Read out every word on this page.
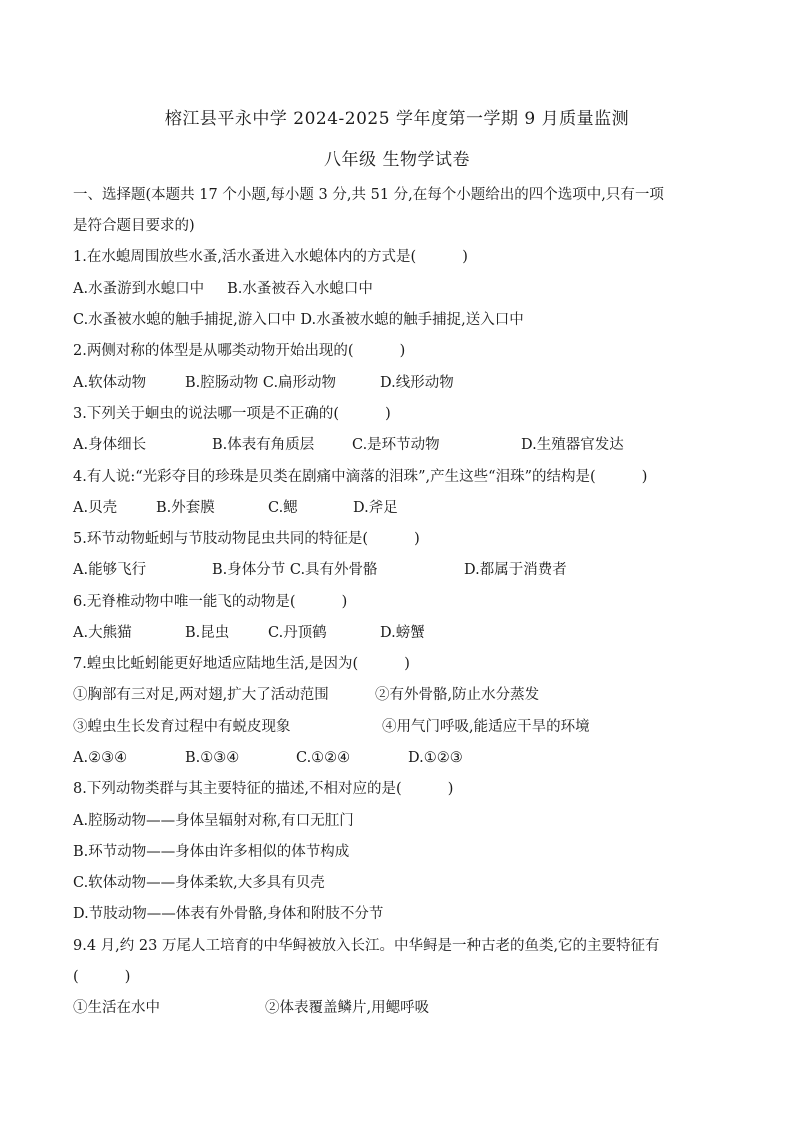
榕江县平永中学 2024-2025 学年度第一学期 9 月质量监测
八年级 生物学试卷
一、选择题(本题共 17 个小题,每小题 3 分,共 51 分,在每个小题给出的四个选项中,只有一项
是符合题目要求的)
1.在水螅周围放些水蚤,活水蚤进入水螅体内的方式是(          )
A.水蚤游到水螅口中     B.水蚤被吞入水螅口中
C.水蚤被水螅的触手捕捉,游入口中 D.水蚤被水螅的触手捕捉,送入口中
2.两侧对称的体型是从哪类动物开始出现的(          )
A.软体动物	B.腔肠动物 C.扁形动物	D.线形动物
3.下列关于蛔虫的说法哪一项是不正确的(          )
A.身体细长	B.体表有角质层	C.是环节动物	D.生殖器官发达
4.有人说:“光彩夺目的珍珠是贝类在剧痛中滴落的泪珠”,产生这些“泪珠”的结构是(          )
A.贝壳	B.外套膜	C.鳃	D.斧足
5.环节动物蚯蚓与节肢动物昆虫共同的特征是(          )
A.能够飞行	B.身体分节 C.具有外骨骼	D.都属于消费者
6.无脊椎动物中唯一能飞的动物是(          )
A.大熊猫	B.昆虫	C.丹顶鹤	D.螃蟹
7.蝗虫比蚯蚓能更好地适应陆地生活,是因为(          )
①胸部有三对足,两对翅,扩大了活动范围	②有外骨骼,防止水分蒸发
③蝗虫生长发育过程中有蜕皮现象	④用气门呼吸,能适应干旱的环境
A.②③④	B.①③④	C.①②④	D.①②③
8.下列动物类群与其主要特征的描述,不相对应的是(          )
A.腔肠动物——身体呈辐射对称,有口无肛门
B.环节动物——身体由许多相似的体节构成
C.软体动物——身体柔软,大多具有贝壳
D.节肢动物——体表有外骨骼,身体和附肢不分节
9.4 月,约 23 万尾人工培育的中华鲟被放入长江。中华鲟是一种古老的鱼类,它的主要特征有
(          )
①生活在水中	②体表覆盖鳞片,用鳃呼吸
